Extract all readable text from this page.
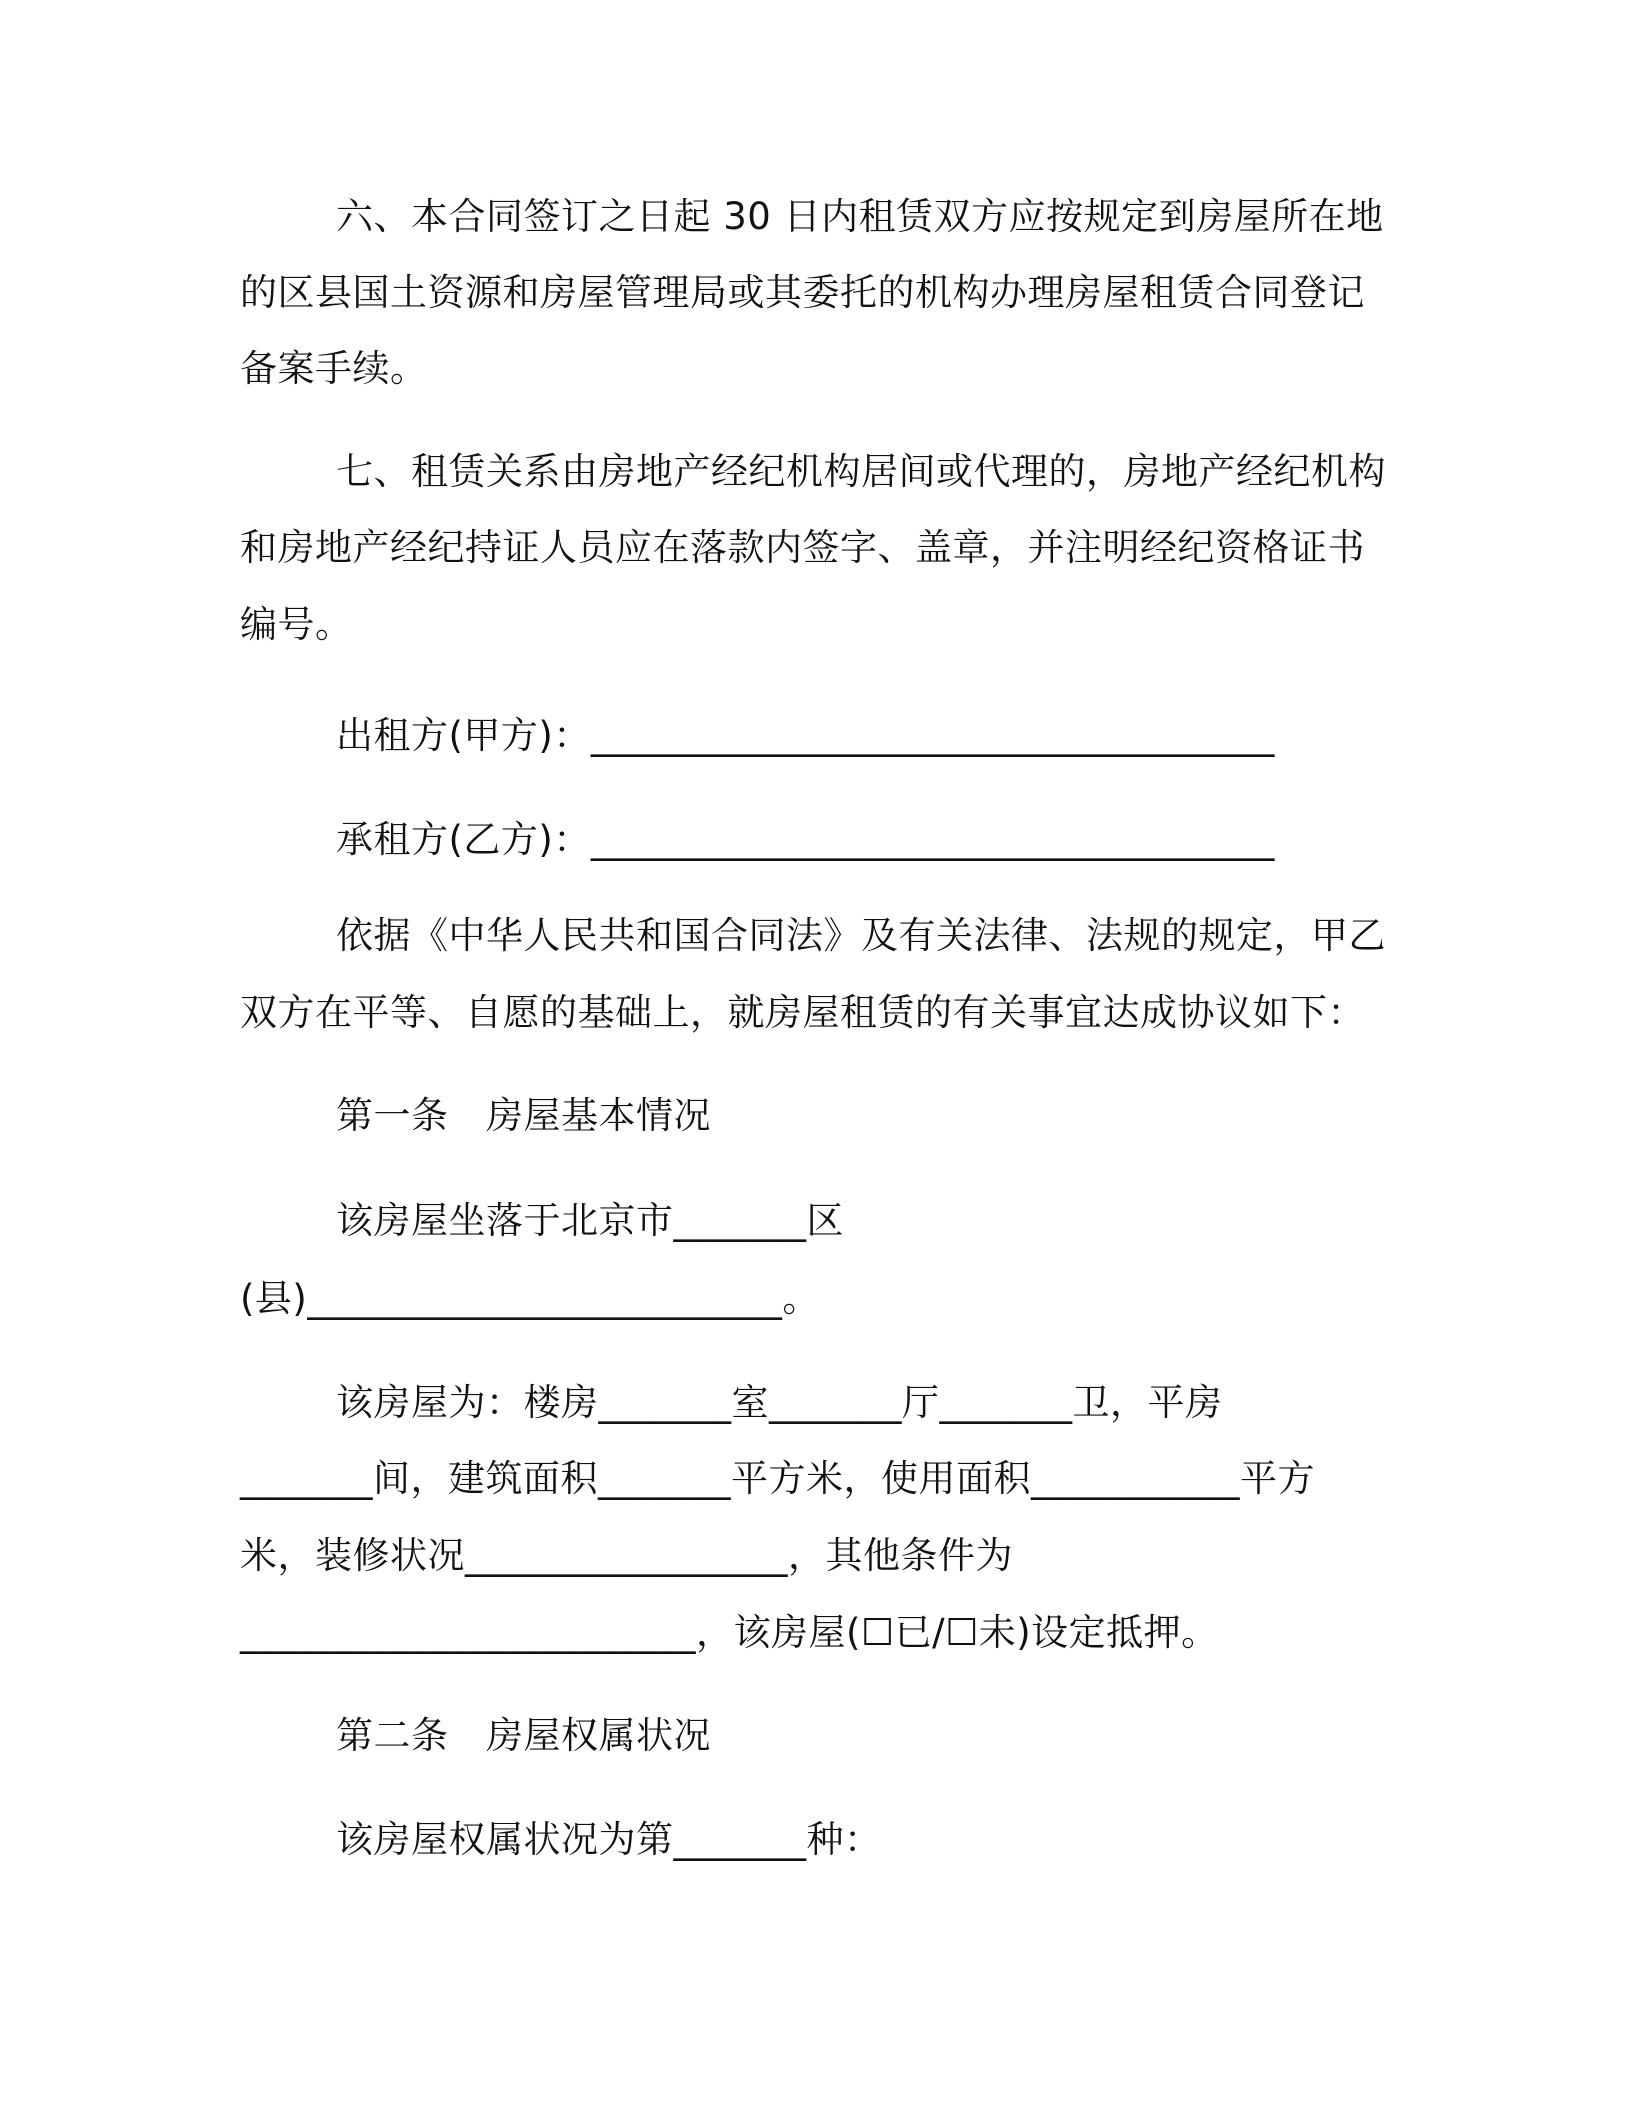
六、本合同签订之日起 30 日内租赁双方应按规定到房屋所在地
的区县国土资源和房屋管理局或其委托的机构办理房屋租赁合同登记
备案手续。
七、租赁关系由房地产经纪机构居间或代理的，房地产经纪机构
和房地产经纪持证人员应在落款内签字、盖章，并注明经纪资格证书
编号。
出租方(甲方)：____________________________________
承租方(乙方)：____________________________________
依据《中华人民共和国合同法》及有关法律、法规的规定，甲乙
双方在平等、自愿的基础上，就房屋租赁的有关事宜达成协议如下：
第一条　房屋基本情况
该房屋坐落于北京市_______区
(县)_________________________。
该房屋为：楼房_______室_______厅_______卫，平房
_______间，建筑面积_______平方米，使用面积___________平方
米，装修状况_________________，其他条件为
________________________，该房屋(☐已/☐未)设定抵押。
第二条　房屋权属状况
该房屋权属状况为第_______种：
